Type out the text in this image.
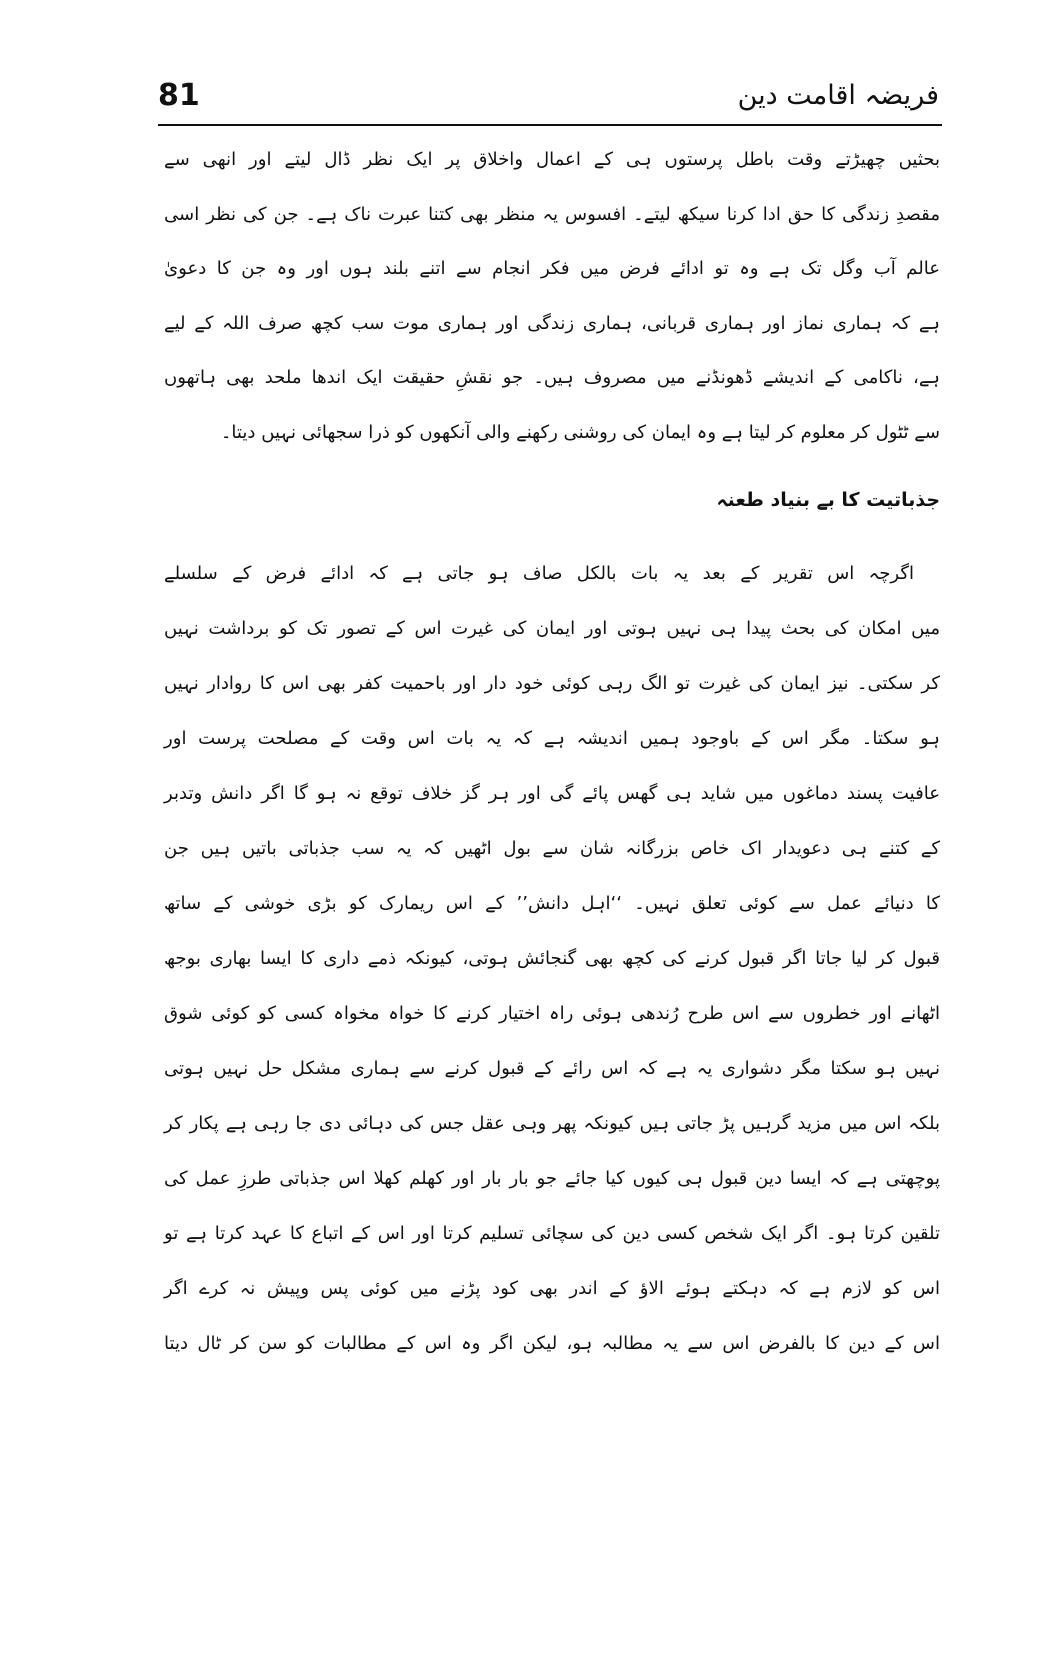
81	فریضہ اقامت دین
بحثیں چھیڑتے وقت باطل پرستوں ہی کے اعمال واخلاق پر ایک نظر ڈال لیتے اور انھی سے
مقصدِ زندگی کا حق ادا کرنا سیکھ لیتے۔ افسوس یہ منظر بھی کتنا عبرت ناک ہے۔ جن کی نظر اسی
عالم آب وگل تک ہے وہ تو ادائے فرض میں فکر انجام سے اتنے بلند ہوں اور وہ جن کا دعویٰ
ہے کہ ہماری نماز اور ہماری قربانی، ہماری زندگی اور ہماری موت سب کچھ صرف اللہ کے لیے
ہے، ناکامی کے اندیشے ڈھونڈنے میں مصروف ہیں۔ جو نقشِ حقیقت ایک اندھا ملحد بھی ہاتھوں
سے ٹٹول کر معلوم کر لیتا ہے وہ ایمان کی روشنی رکھنے والی آنکھوں کو ذرا سجھائی نہیں دیتا۔
جذباتیت کا بے بنیاد طعنہ
اگرچہ اس تقریر کے بعد یہ بات بالکل صاف ہو جاتی ہے کہ ادائے فرض کے سلسلے
میں امکان کی بحث پیدا ہی نہیں ہوتی اور ایمان کی غیرت اس کے تصور تک کو برداشت نہیں
کر سکتی۔ نیز ایمان کی غیرت تو الگ رہی کوئی خود دار اور باحمیت کفر بھی اس کا روادار نہیں
ہو سکتا۔ مگر اس کے باوجود ہمیں اندیشہ ہے کہ یہ بات اس وقت کے مصلحت پرست اور
عافیت پسند دماغوں میں شاید ہی گھس پائے گی اور ہر گز خلاف توقع نہ ہو گا اگر دانش وتدبر
کے کتنے ہی دعویدار اک خاص بزرگانہ شان سے بول اٹھیں کہ یہ سب جذباتی باتیں ہیں جن
کا دنیائے عمل سے کوئی تعلق نہیں۔ ‘‘اہل دانش’’ کے اس ریمارک کو بڑی خوشی کے ساتھ
قبول کر لیا جاتا اگر قبول کرنے کی کچھ بھی گنجائش ہوتی، کیونکہ ذمے داری کا ایسا بھاری بوجھ
اٹھانے اور خطروں سے اس طرح رُندھی ہوئی راہ اختیار کرنے کا خواہ مخواہ کسی کو کوئی شوق
نہیں ہو سکتا مگر دشواری یہ ہے کہ اس رائے کے قبول کرنے سے ہماری مشکل حل نہیں ہوتی
بلکہ اس میں مزید گرہیں پڑ جاتی ہیں کیونکہ پھر وہی عقل جس کی دہائی دی جا رہی ہے پکار کر
پوچھتی ہے کہ ایسا دین قبول ہی کیوں کیا جائے جو بار بار اور کھلم کھلا اس جذباتی طرزِ عمل کی
تلقین کرتا ہو۔ اگر ایک شخص کسی دین کی سچائی تسلیم کرتا اور اس کے اتباع کا عہد کرتا ہے تو
اس کو لازم ہے کہ دہکتے ہوئے الاؤ کے اندر بھی کود پڑنے میں کوئی پس وپیش نہ کرے اگر
اس کے دین کا بالفرض اس سے یہ مطالبہ ہو، لیکن اگر وہ اس کے مطالبات کو سن کر ٹال دیتا
